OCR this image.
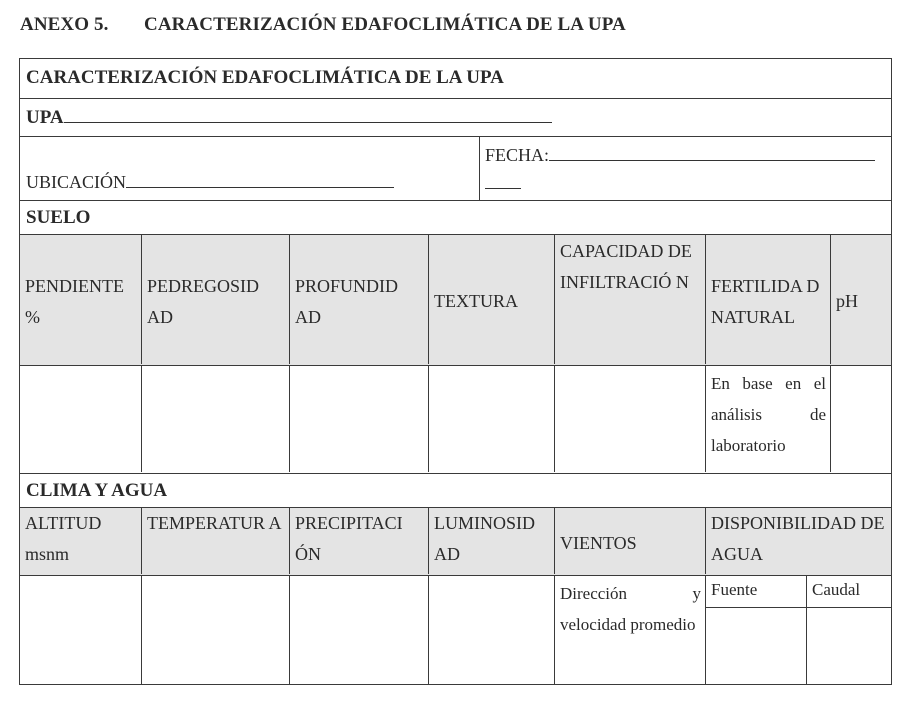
ANEXO 5. CARACTERIZACIÓN EDAFOCLIMÁTICA DE LA UPA
CARACTERIZACIÓN EDAFOCLIMÁTICA DE LA UPA
UPA
UBICACIÓN
FECHA:

SUELO
PENDIENTE %
PEDREGOSID AD
PROFUNDID AD
TEXTURA
CAPACIDAD DE INFILTRACIÓ N	FERTILIDA D NATURAL
pH
En base en el análisis de laboratorio
CLIMA Y AGUA
ALTITUD msnm
TEMPERATUR A PRECIPITACI ÓN
LUMINOSID AD
VIENTOS
DISPONIBILIDAD DE AGUA
Dirección y velocidad promedio
Fuente	Caudal
